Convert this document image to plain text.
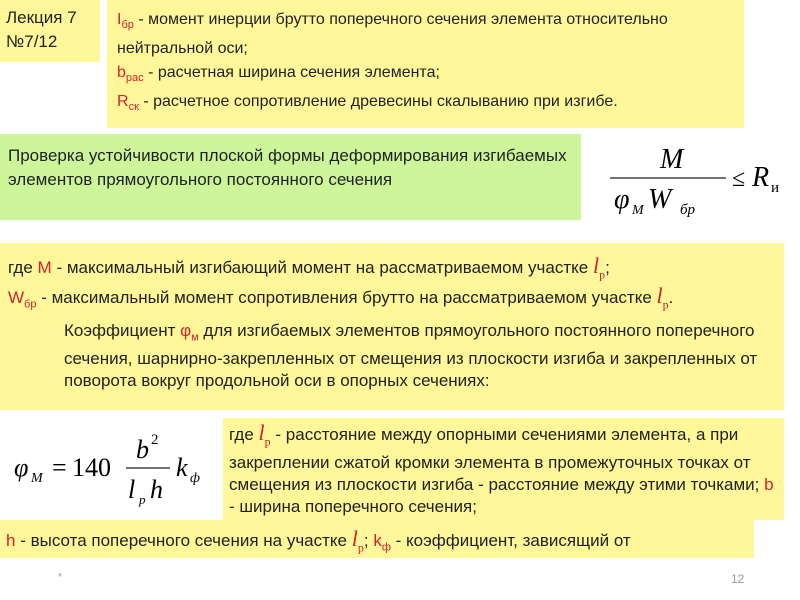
Лекция 7
№7/12
$I_{бр}$ - момент инерции брутто поперечного сечения элемента относительно нейтральной оси;
$b_{рас}$ - расчетная ширина сечения элемента;
$R_{ск}$ - расчетное сопротивление древесины скалыванию при изгибе.
Проверка устойчивости плоской формы деформирования изгибаемых элементов прямоугольного постоянного сечения
M
φ M W бр
≤ R и
где M - максимальный изгибающий момент на рассматриваемом участке $l_p$;
$W_{бр}$ - максимальный момент сопротивления брутто на рассматриваемом участке $l_p$.
Коэффициент $\varphi_м$ для изгибаемых элементов прямоугольного постоянного поперечного сечения, шарнирно-закрепленных от смещения из плоскости изгиба и закрепленных от поворота вокруг продольной оси в опорных сечениях:
φ M = 140
b 2
l p h
k ф
где $l_p$ - расстояние между опорными сечениями элемента, а при закреплении сжатой кромки элемента в промежуточных точках от смещения из плоскости изгиба - расстояние между этими точками; b - ширина поперечного сечения;
h - высота поперечного сечения на участке $l_p$; $k_ф$ - коэффициент, зависящий от
*	12
